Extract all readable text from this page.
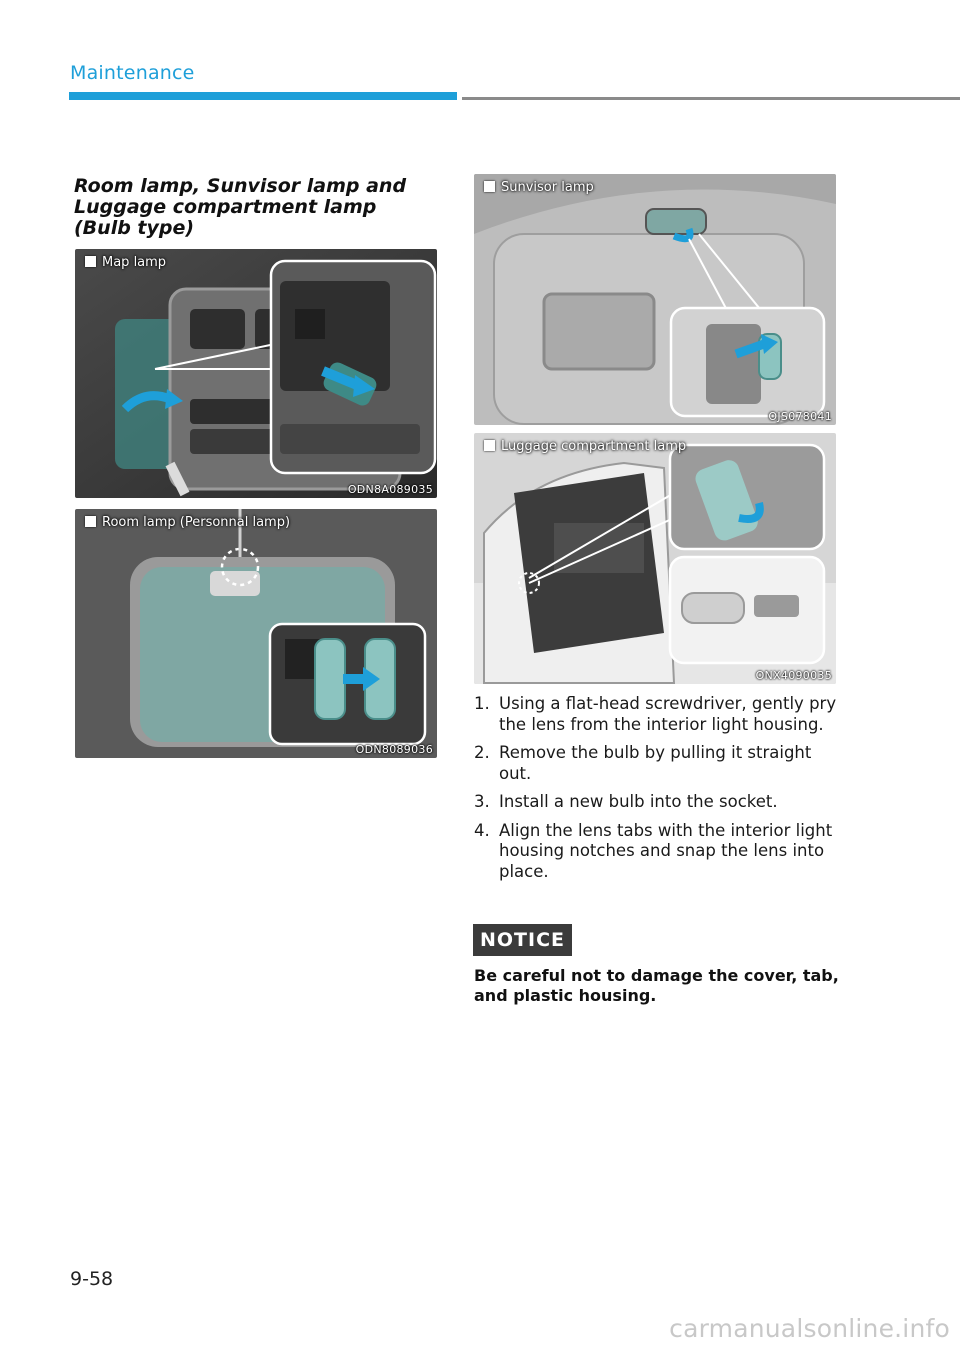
Maintenance
Room lamp, Sunvisor lamp and Luggage compartment lamp (Bulb type)
Map lamp
ODN8A089035
Room lamp (Personnal lamp)
ODN8089036
Sunvisor lamp
OJS078041
Luggage compartment lamp
ONX4090035
1. Using a flat-head screwdriver, gently pry the lens from the interior light housing.
2. Remove the bulb by pulling it straight out.
3. Install a new bulb into the socket.
4. Align the lens tabs with the interior light housing notches and snap the lens into place.
NOTICE
Be careful not to damage the cover, tab, and plastic housing.
9-58
carmanualsonline.info
